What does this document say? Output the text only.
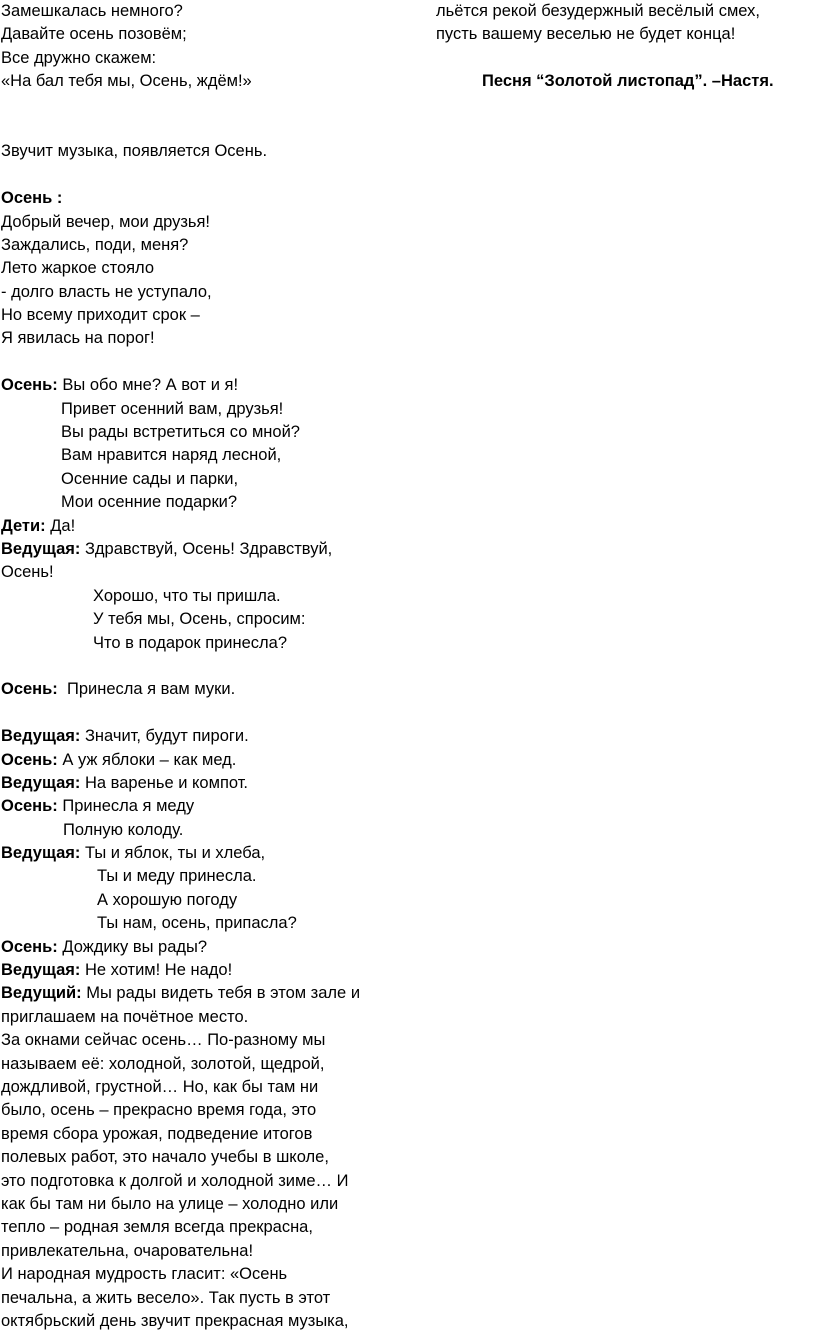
Замешкалась немного?
Давайте осень позовём;
Все дружно скажем:
«На бал тебя мы, Осень, ждём!»
Звучит музыка, появляется Осень.
Осень :
Добрый вечер, мои друзья!
Заждались, поди, меня?
Лето жаркое стояло
- долго власть не уступало,
Но всему приходит срок –
Я явилась на порог!
Осень: Вы обо мне? А вот и я!
Привет осенний вам, друзья!
Вы рады встретиться со мной?
Вам нравится наряд лесной,
Осенние сады и парки,
Мои осенние подарки?
Дети: Да!
Ведущая: Здравствуй, Осень! Здравствуй,
Осень!
Хорошо, что ты пришла.
У тебя мы, Осень, спросим:
Что в подарок принесла?
Осень:  Принесла я вам муки.
Ведущая: Значит, будут пироги.
Осень: А уж яблоки – как мед.
Ведущая: На варенье и компот.
Осень: Принесла я меду
Полную колоду.
Ведущая: Ты и яблок, ты и хлеба,
Ты и меду принесла.
А хорошую погоду
Ты нам, осень, припасла?
Осень: Дождику вы рады?
Ведущая: Не хотим! Не надо!
Ведущий: Мы рады видеть тебя в этом зале и
приглашаем на почётное место.
За окнами сейчас осень… По-разному мы
называем её: холодной, золотой, щедрой,
дождливой, грустной… Но, как бы там ни
было, осень – прекрасно время года, это
время сбора урожая, подведение итогов
полевых работ, это начало учебы в школе,
это подготовка к долгой и холодной зиме… И
как бы там ни было на улице – холодно или
тепло – родная земля всегда прекрасна,
привлекательна, очаровательна!
И народная мудрость гласит: «Осень
печальна, а жить весело». Так пусть в этот
октябрьский день звучит прекрасная музыка,
льётся рекой безудержный весёлый смех,
пусть вашему веселью не будет конца!
Песня “Золотой листопад”. –Настя.
